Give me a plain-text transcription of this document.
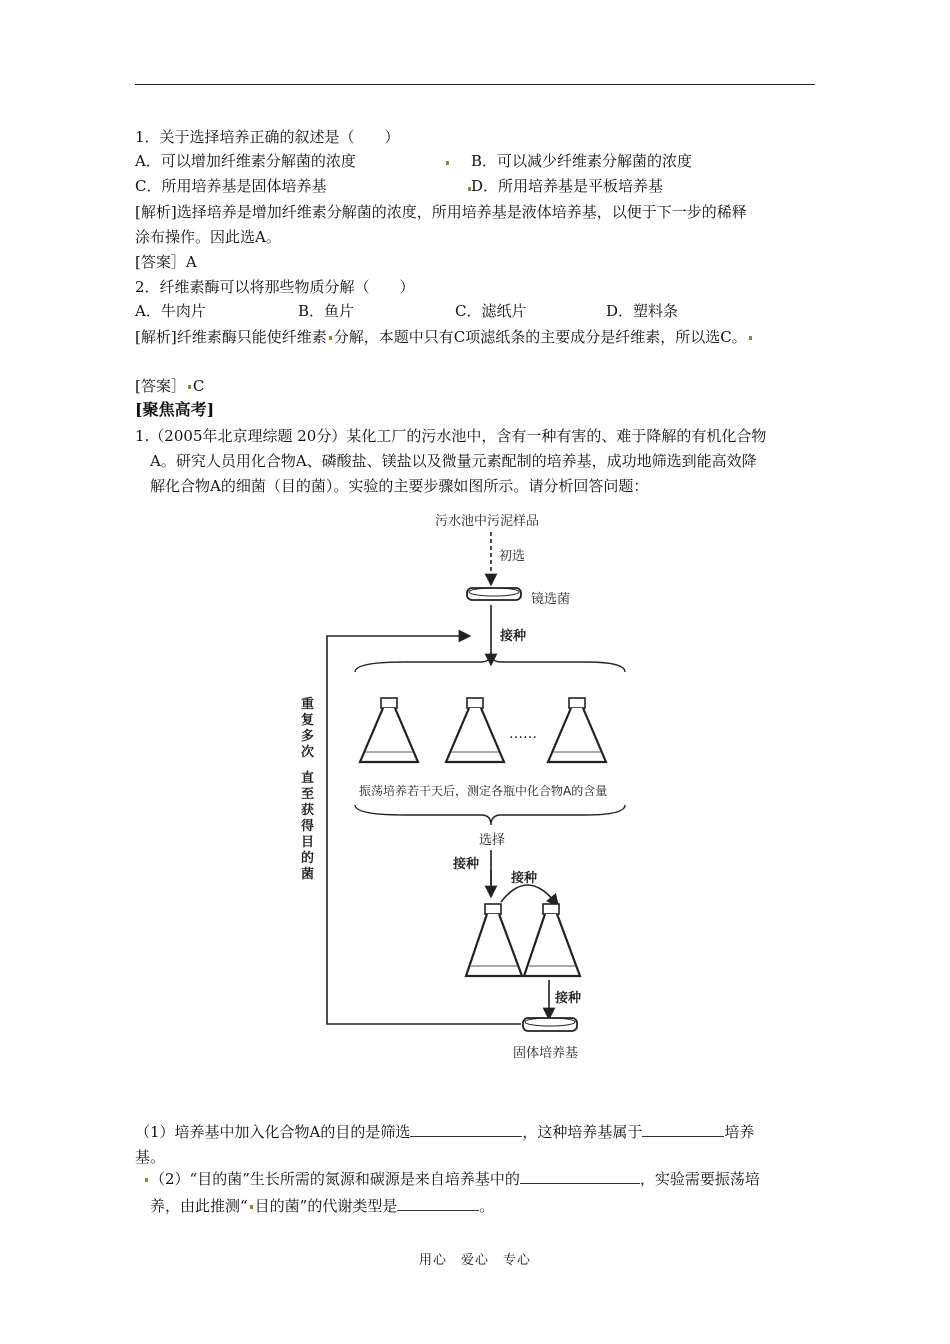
1．关于选择培养正确的叙述是（　　）
A．可以增加纤维素分解菌的浓度	B．可以减少纤维素分解菌的浓度
C．所用培养基是固体培养基	D．所用培养基是平板培养基
[解析]选择培养是增加纤维素分解菌的浓度，所用培养基是液体培养基，以便于下一步的稀释
涂布操作。因此选A。
[答案］A
2．纤维素酶可以将那些物质分解（　　）
A．牛肉片	B．鱼片	C．滤纸片	D．塑料条
[解析]纤维素酶只能使纤维素 分解，本题中只有C项滤纸条的主要成分是纤维素，所以选C。
[答案］ C
[聚焦高考]
1.（2005年北京理综题 20分）某化工厂的污水池中，含有一种有害的、难于降解的有机化合物
A。研究人员用化合物A、磷酸盐、镁盐以及微量元素配制的培养基，成功地筛选到能高效降
解化合物A的细菌（目的菌）。实验的主要步骤如图所示。请分析回答问题：
污水池中污泥样品
初选
镜选菌
接种
……
振荡培养若干天后，测定各瓶中化合物A的含量
选择
接种
接种
接种
固体培养基
重
复
多
次
直
至
获
得
目
的
菌
（1）培养基中加入化合物A的目的是筛选	，这种培养基属于	培养
基。
（2）“目的菌”生长所需的氮源和碳源是来自培养基中的	，实验需要振荡培
养，由此推测“ 目的菌”的代谢类型是	。
用心　爱心　专心
